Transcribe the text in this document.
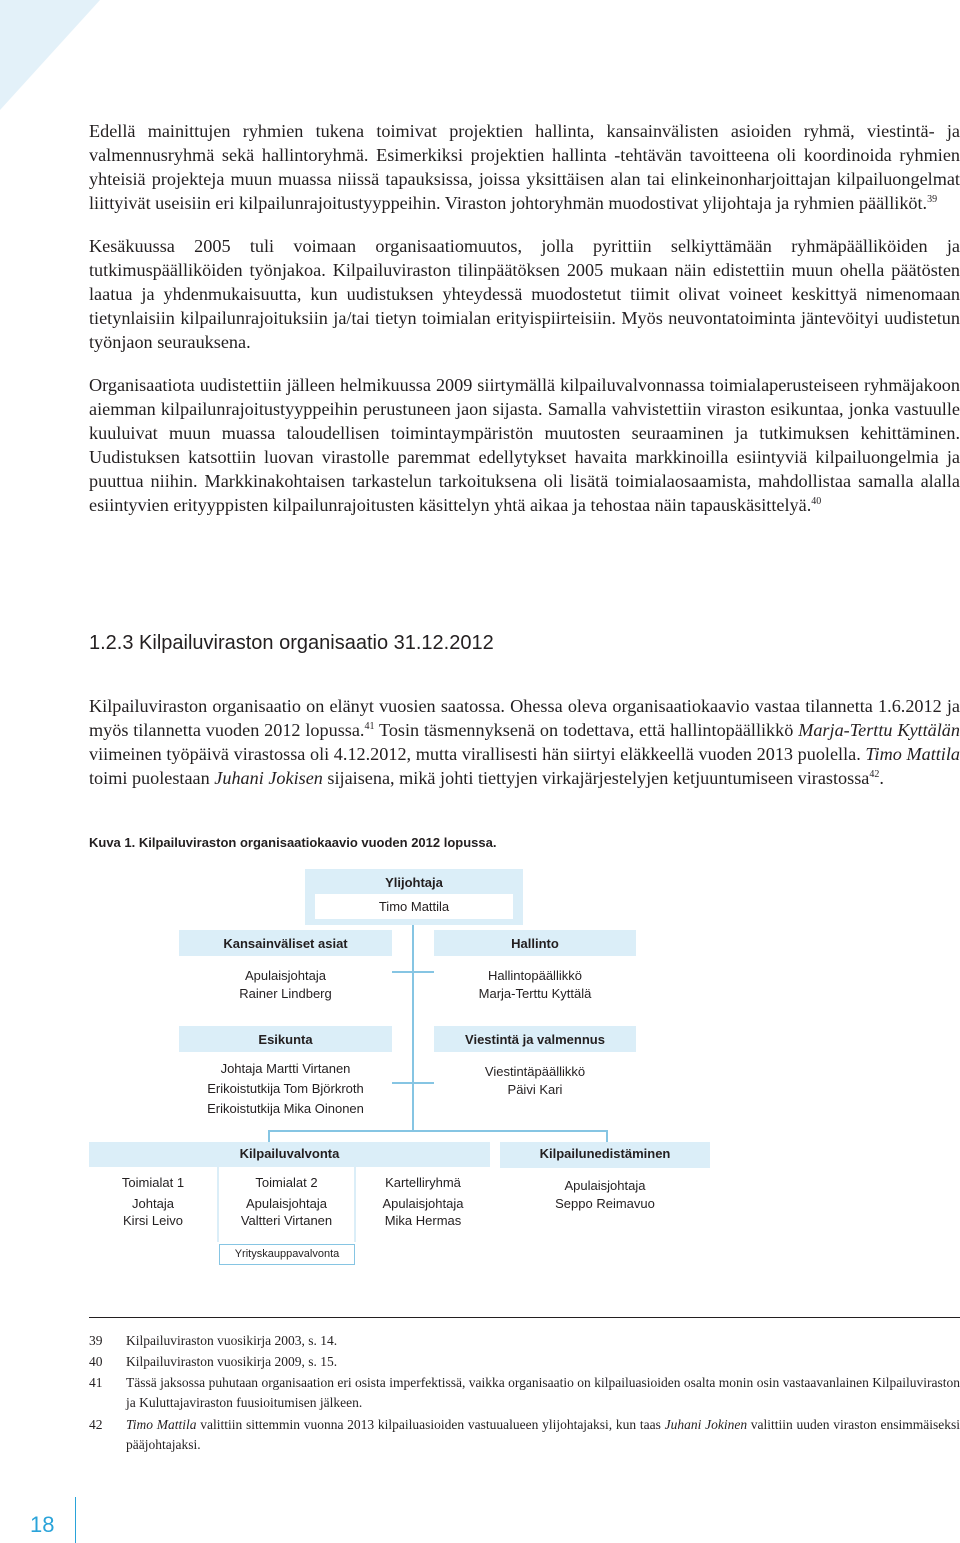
Edellä mainittujen ryhmien tukena toimivat projektien hallinta, kansainvälisten asioiden ryhmä, viestintä- ja valmennusryhmä sekä hallintoryhmä. Esimerkiksi projektien hallinta -tehtävän tavoitteena oli koordinoida ryhmien yhteisiä projekteja muun muassa niissä tapauksissa, joissa yksittäisen alan tai elinkeinonharjoittajan kilpailuongelmat liittyivät useisiin eri kilpailunrajoitustyyppeihin. Viraston johtoryhmän muodostivat ylijohtaja ja ryhmien päälliköt.$^{39}$

Kesäkuussa 2005 tuli voimaan organisaatiomuutos, jolla pyrittiin selkiyttämään ryhmäpäälliköiden ja tutkimuspäälliköiden työnjakoa. Kilpailuviraston tilinpäätöksen 2005 mukaan näin edistettiin muun ohella päätösten laatua ja yhdenmukaisuutta, kun uudistuksen yhteydessä muodostetut tiimit olivat voineet keskittyä nimenomaan tietynlaisiin kilpailunrajoituksiin ja/tai tietyn toimialan erityispiirteisiin. Myös neuvontatoiminta jäntevöityi uudistetun työnjaon seurauksena.

Organisaatiota uudistettiin jälleen helmikuussa 2009 siirtymällä kilpailuvalvonnassa toimialaperusteiseen ryhmäjakoon aiemman kilpailunrajoitustyyppeihin perustuneen jaon sijasta. Samalla vahvistettiin viraston esikuntaa, jonka vastuulle kuuluivat muun muassa taloudellisen toimintaympäristön muutosten seuraaminen ja tutkimuksen kehittäminen. Uudistuksen katsottiin luovan virastolle paremmat edellytykset havaita markkinoilla esiintyviä kilpailuongelmia ja puuttua niihin. Markkinakohtaisen tarkastelun tarkoituksena oli lisätä toimialaosaamista, mahdollistaa samalla alalla esiintyvien erityyppisten kilpailunrajoitusten käsittelyn yhtä aikaa ja tehostaa näin tapauskäsittelyä.$^{40}$

1.2.3 Kilpailuviraston organisaatio 31.12.2012

Kilpailuviraston organisaatio on elänyt vuosien saatossa. Ohessa oleva organisaatiokaavio vastaa tilannetta 1.6.2012 ja myös tilannetta vuoden 2012 lopussa.$^{41}$ Tosin täsmennyksenä on todettava, että hallintopäällikkö Marja-Terttu Kyttälän viimeinen työpäivä virastossa oli 4.12.2012, mutta virallisesti hän siirtyi eläkkeellä vuoden 2013 puolella. Timo Mattila toimi puolestaan Juhani Jokisen sijaisena, mikä johti tiettyjen virkajärjestelyjen ketjuuntumiseen virastossa$^{42}$.

Kuva 1. Kilpailuviraston organisaatiokaavio vuoden 2012 lopussa.
Ylijohtaja
Timo Mattila
Kansainväliset asiat
Apulaisjohtaja
Rainer Lindberg
Hallinto
Hallintopäällikkö
Marja-Terttu Kyttälä
Esikunta
Johtaja Martti Virtanen
Erikoistutkija Tom Björkroth
Erikoistutkija Mika Oinonen
Viestintä ja valmennus
Viestintäpäällikkö
Päivi Kari
Kilpailuvalvonta
Toimialat 1
Johtaja
Kirsi Leivo
Toimialat 2
Apulaisjohtaja
Valtteri Virtanen
Kartelliryhmä
Apulaisjohtaja
Mika Hermas
Yrityskauppavalvonta
Kilpailunedistäminen
Apulaisjohtaja
Seppo Reimavuo
39 Kilpailuviraston vuosikirja 2003, s. 14.
40 Kilpailuviraston vuosikirja 2009, s. 15.
41 Tässä jaksossa puhutaan organisaation eri osista imperfektissä, vaikka organisaatio on kilpailuasioiden osalta monin osin vastaavanlainen Kilpailuviraston ja Kuluttajaviraston fuusioitumisen jälkeen.
42 Timo Mattila valittiin sittemmin vuonna 2013 kilpailuasioiden vastuualueen ylijohtajaksi, kun taas Juhani Jokinen valittiin uuden viraston ensimmäiseksi pääjohtajaksi.
18
